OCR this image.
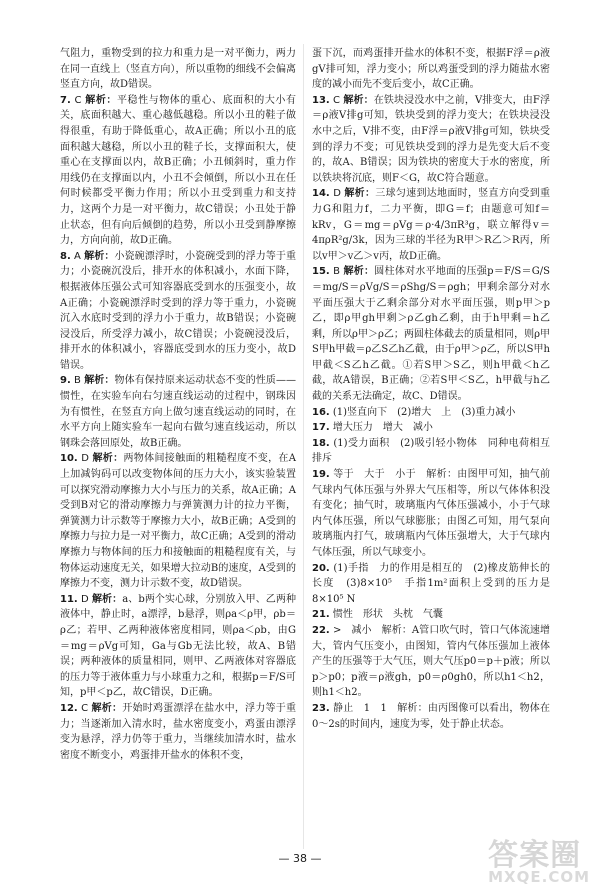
气阻力，重物受到的拉力和重力是一对平衡力，两力在同一直线上（竖直方向），所以重物的细线不会偏离竖直方向，故D错误。

7. C 解析：平稳性与物体的重心、底面积的大小有关，底面积越大、重心越低越稳。所以小丑的鞋子做得很重，有助于降低重心，故A正确；所以小丑的底面积越大越稳，所以小丑的鞋子长，支撑面积大，使重心在支撑面以内，故B正确；小丑倾斜时，重力作用线仍在支撑面以内，小丑不会倾倒，所以小丑在任何时候都受平衡力作用；所以小丑受到重力和支持力，这两个力是一对平衡力，故C错误；小丑处于静止状态，但有向后倾倒的趋势，所以小丑受到静摩擦力，方向向前，故D正确。

8. A 解析：小瓷碗漂浮时，小瓷碗受到的浮力等于重力；小瓷碗沉没后，排开水的体积减小，水面下降，根据液体压强公式可知容器底受到水的压强变小，故A正确；小瓷碗漂浮时受到的浮力等于重力，小瓷碗沉入水底时受到的浮力小于重力，故B错误；小瓷碗浸没后，所受浮力减小，故C错误；小瓷碗浸没后，排开水的体积减小，容器底受到水的压力变小，故D错误。

9. B 解析：物体有保持原来运动状态不变的性质——惯性，在实验车向右匀速直线运动的过程中，钢珠因为有惯性，在竖直方向上做匀速直线运动的同时，在水平方向上随实验车一起向右做匀速直线运动，所以钢珠会落回原处，故B正确。

10. D 解析：两物体间接触面的粗糙程度不变，在A上加减钩码可以改变物体间的压力大小，该实验装置可以探究滑动摩擦力大小与压力的关系，故A正确；A受到B对它的滑动摩擦力与弹簧测力计的拉力平衡，弹簧测力计示数等于摩擦力大小，故B正确；A受到的摩擦力与拉力是一对平衡力，故C正确；A受到的滑动摩擦力与物体间的压力和接触面的粗糙程度有关，与物体运动速度无关，如果增大拉动B的速度，A受到的摩擦力不变，测力计示数不变，故D错误。

11. D 解析：a、b两个实心球，分别放入甲、乙两种液体中，静止时，a漂浮，b悬浮，则ρa＜ρ甲，ρb＝ρ乙；若甲、乙两种液体密度相同，则ρa＜ρb，由G＝mg＝ρVg可知，Ga与Gb无法比较，故A、B错误；两种液体的质量相同，则甲、乙两液体对容器底的压力等于液体重力与小球重力之和，根据p＝F/S可知，p甲＜p乙，故C错误，D正确。

12. C 解析：开始时鸡蛋漂浮在盐水中，浮力等于重力；当逐渐加入清水时，盐水密度变小，鸡蛋由漂浮变为悬浮，浮力仍等于重力，当继续加清水时，盐水密度不断变小，鸡蛋排开盐水的体积不变，

蛋下沉，而鸡蛋排开盐水的体积不变，根据F浮＝ρ液gV排可知，浮力变小；所以鸡蛋受到的浮力随盐水密度的减小而先不变后变小，故C正确。

13. C 解析：在铁块浸没水中之前，V排变大，由F浮＝ρ液V排g可知，铁块受到的浮力变大；在铁块浸没水中之后，V排不变，由F浮＝ρ液V排g可知，铁块受到的浮力不变；可见铁块受到的浮力是先变大后不变的，故A、B错误；因为铁块的密度大于水的密度，所以铁块将沉底，则F＜G，故C符合题意。

14. D 解析：三球匀速到达地面时，竖直方向受到重力G和阻力f，二力平衡，即G＝f；由题意可知f＝kRv，G＝mg＝ρVg＝ρ·4/3πR³g，联立解得v＝4πρR²g/3k，因为三球的半径为R甲＞R乙＞R丙，所以v甲＞v乙＞v丙，故D正确。

15. B 解析：圆柱体对水平地面的压强p＝F/S＝G/S＝mg/S＝ρVg/S＝ρShg/S＝ρgh；甲剩余部分对水平面压强大于乙剩余部分对水平面压强，则p甲＞p乙，即ρ甲gh甲剩＞ρ乙gh乙剩，由于h甲剩＝h乙剩，所以ρ甲＞ρ乙；两圆柱体截去的质量相同，则ρ甲S甲h甲截＝ρ乙S乙h乙截，由于ρ甲＞ρ乙，所以S甲h甲截＜S乙h乙截。①若S甲＞S乙，则h甲截＜h乙截，故A错误，B正确；②若S甲＜S乙，h甲截与h乙截的关系无法确定，故C、D错误。

16. (1)竖直向下　(2)增大　上　(3)重力减小

17. 增大压力　增大　减小

18. (1)受力面积　(2)吸引轻小物体　同种电荷相互排斥

19. 等于　大于　小于　解析：由图甲可知，抽气前气球内气体压强与外界大气压相等，所以气体体积没有变化；抽气时，玻璃瓶内气体压强减小，小于气球内气体压强，所以气球膨胀；由图乙可知，用气泵向玻璃瓶内打气，玻璃瓶内气体压强增大，大于气球内气体压强，所以气球变小。

20. (1)手指　力的作用是相互的　(2)橡皮筋伸长的长度　(3)8×10⁵　手指1m²面积上受到的压力是8×10⁵ N

21. 惯性　形状　头枕　气囊

22. >　减小　解析：A管口吹气时，管口气体流速增大，管内气压变小，由图知，管内气体压强加上液体产生的压强等于大气压，则大气压p0＝p＋p液；所以p＞p0；p液＝ρ液gh，p0＝ρ0gh0，所以h1＜h2，则h1＜h2。

23. 静止　1　1　解析：由丙图像可以看出，物体在0～2s的时间内，速度为零，处于静止状态。

— 38 —	答案圈
MXQE.COM
